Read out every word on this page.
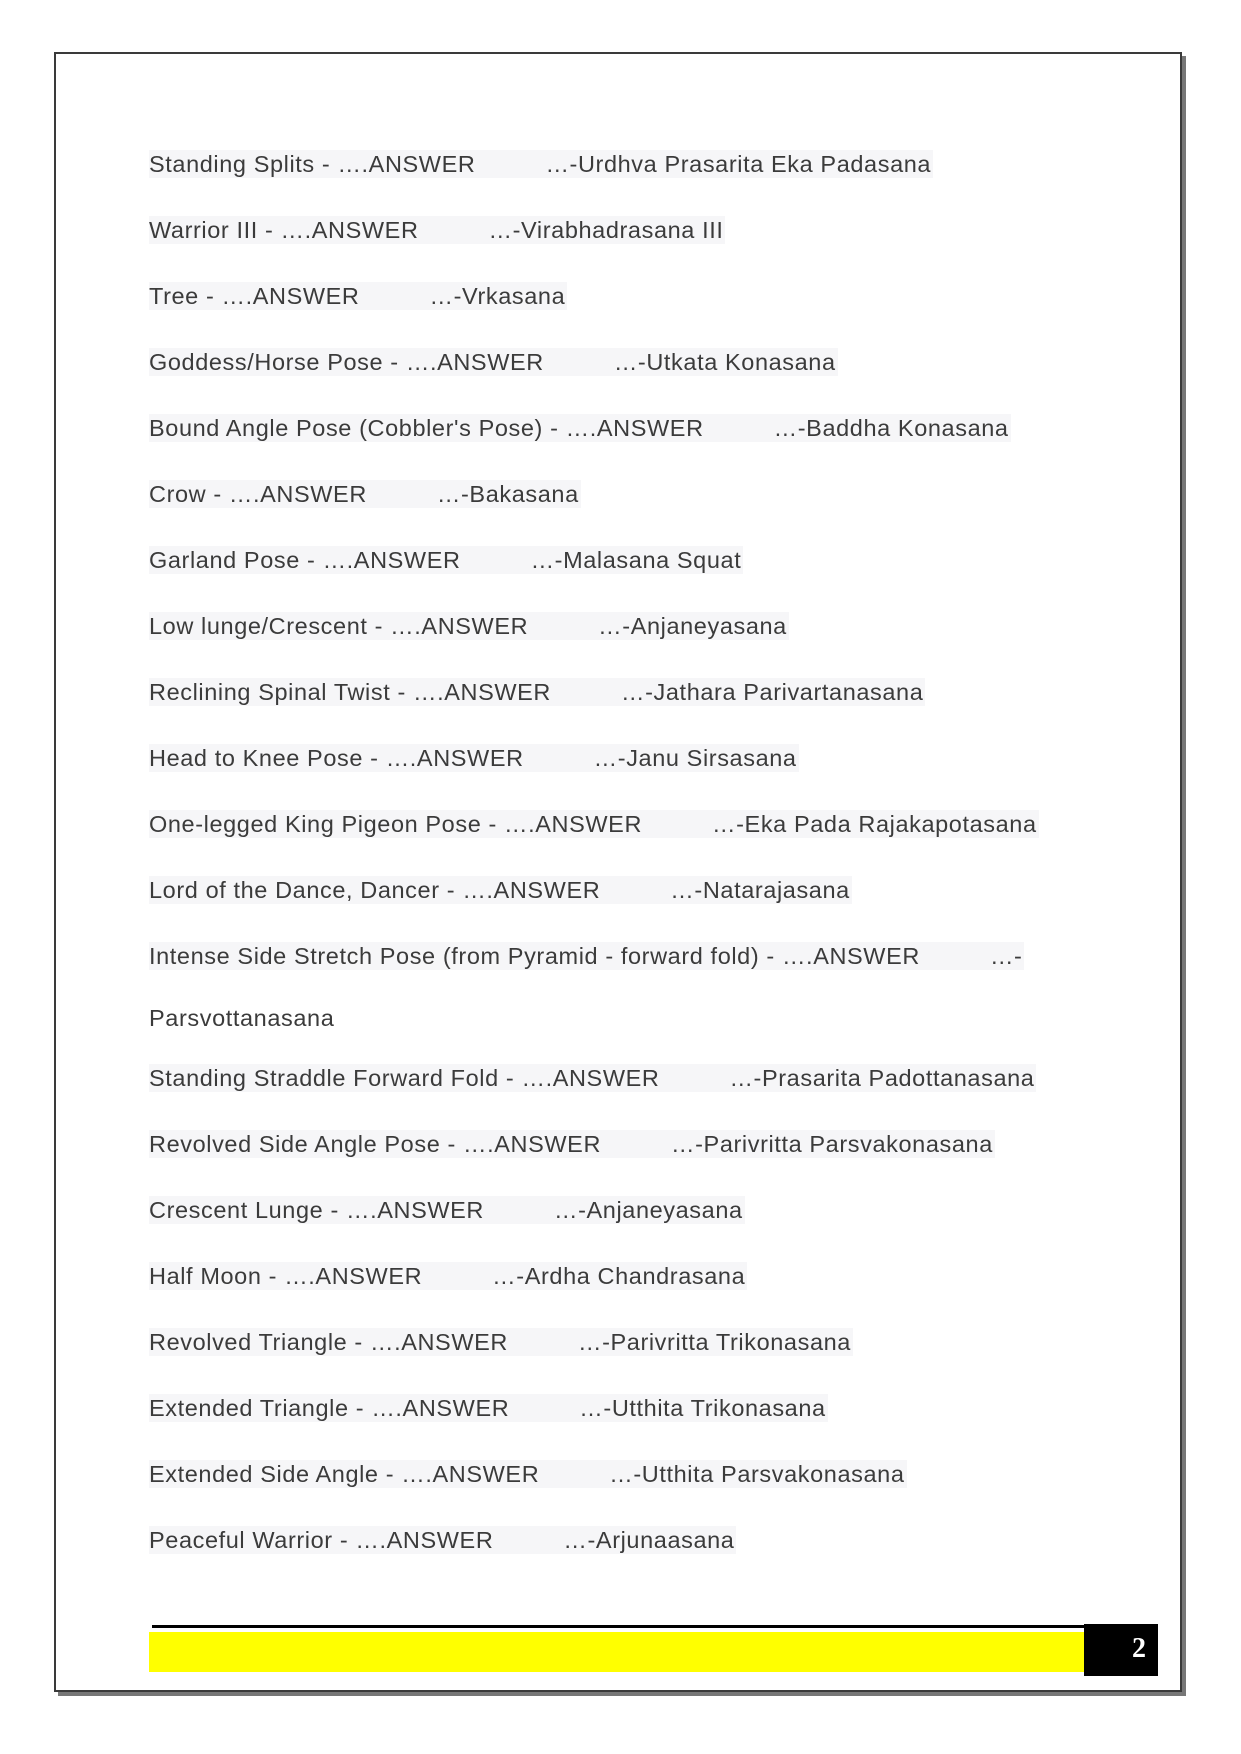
Standing Splits - ….ANSWER	…-Urdhva Prasarita Eka Padasana
Warrior III - ….ANSWER	…-Virabhadrasana III
Tree - ….ANSWER	…-Vrkasana
Goddess/Horse Pose - ….ANSWER	…-Utkata Konasana
Bound Angle Pose (Cobbler's Pose) - ….ANSWER	…-Baddha Konasana
Crow - ….ANSWER	…-Bakasana
Garland Pose - ….ANSWER	…-Malasana Squat
Low lunge/Crescent - ….ANSWER	…-Anjaneyasana
Reclining Spinal Twist - ….ANSWER	…-Jathara Parivartanasana
Head to Knee Pose - ….ANSWER	…-Janu Sirsasana
One-legged King Pigeon Pose - ….ANSWER	…-Eka Pada Rajakapotasana
Lord of the Dance, Dancer - ….ANSWER	…-Natarajasana
Intense Side Stretch Pose (from Pyramid - forward fold) - ….ANSWER	…-
Parsvottanasana
Standing Straddle Forward Fold - ….ANSWER	…-Prasarita Padottanasana
Revolved Side Angle Pose - ….ANSWER	…-Parivritta Parsvakonasana
Crescent Lunge - ….ANSWER	…-Anjaneyasana
Half Moon - ….ANSWER	…-Ardha Chandrasana
Revolved Triangle - ….ANSWER	…-Parivritta Trikonasana
Extended Triangle - ….ANSWER	…-Utthita Trikonasana
Extended Side Angle - ….ANSWER	…-Utthita Parsvakonasana
Peaceful Warrior - ….ANSWER	…-Arjunaasana
2
